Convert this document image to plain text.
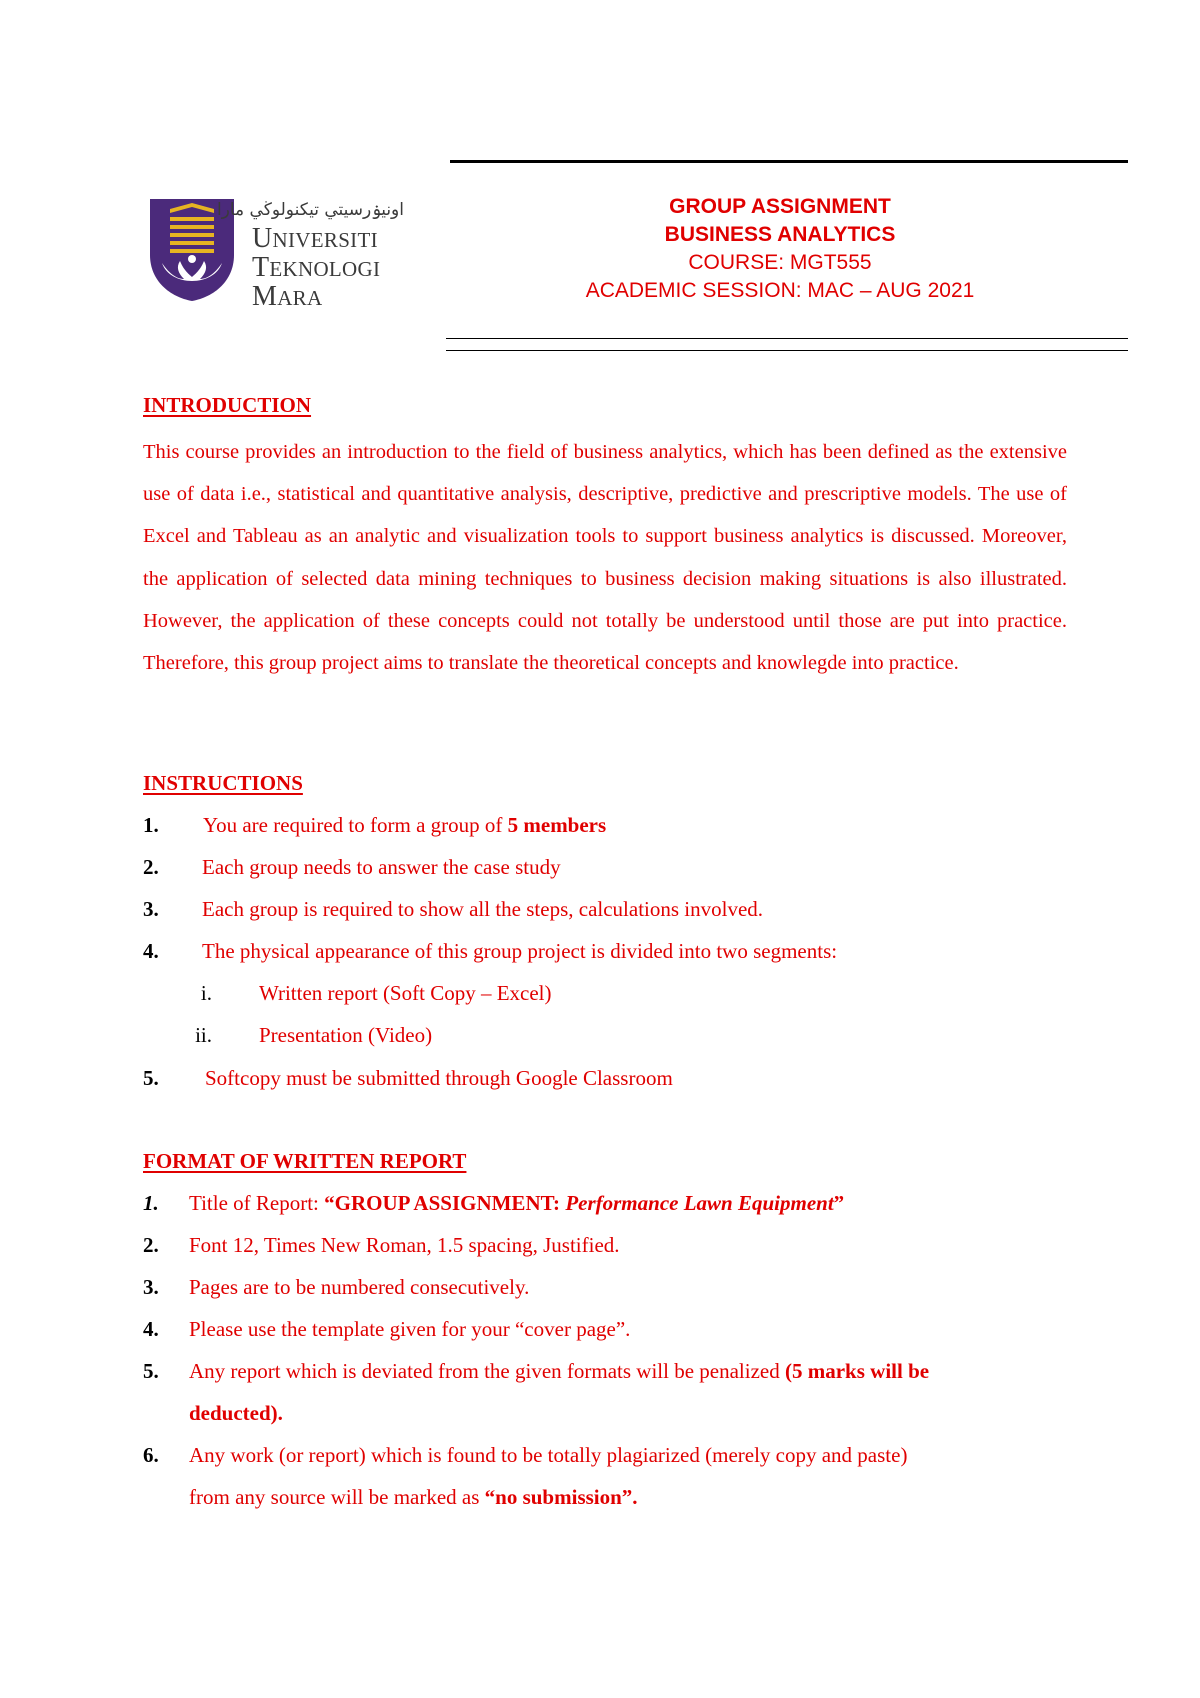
اونيۏرسيتي تيكنولوڬي مارا
UNIVERSITI
TEKNOLOGI
MARA
GROUP ASSIGNMENT
BUSINESS ANALYTICS
COURSE: MGT555
ACADEMIC SESSION: MAC – AUG 2021
INTRODUCTION
This course provides an introduction to the field of business analytics, which has been defined as the extensive use of data i.e., statistical and quantitative analysis, descriptive, predictive and prescriptive models. The use of Excel and Tableau as an analytic and visualization tools to support business analytics is discussed. Moreover, the application of selected data mining techniques to business decision making situations is also illustrated. However, the application of these concepts could not totally be understood until those are put into practice. Therefore, this group project aims to translate the theoretical concepts and knowlegde into practice.
INSTRUCTIONS
1. You are required to form a group of 5 members
2. Each group needs to answer the case study
3. Each group is required to show all the steps, calculations involved.
4. The physical appearance of this group project is divided into two segments:
i. Written report (Soft Copy – Excel)
ii. Presentation (Video)
5. Softcopy must be submitted through Google Classroom
FORMAT OF WRITTEN REPORT
1. Title of Report: “GROUP ASSIGNMENT: Performance Lawn Equipment”
2. Font 12, Times New Roman, 1.5 spacing, Justified.
3. Pages are to be numbered consecutively.
4. Please use the template given for your “cover page”.
5. Any report which is deviated from the given formats will be penalized (5 marks will be
deducted).
6. Any work (or report) which is found to be totally plagiarized (merely copy and paste)
from any source will be marked as “no submission”.
